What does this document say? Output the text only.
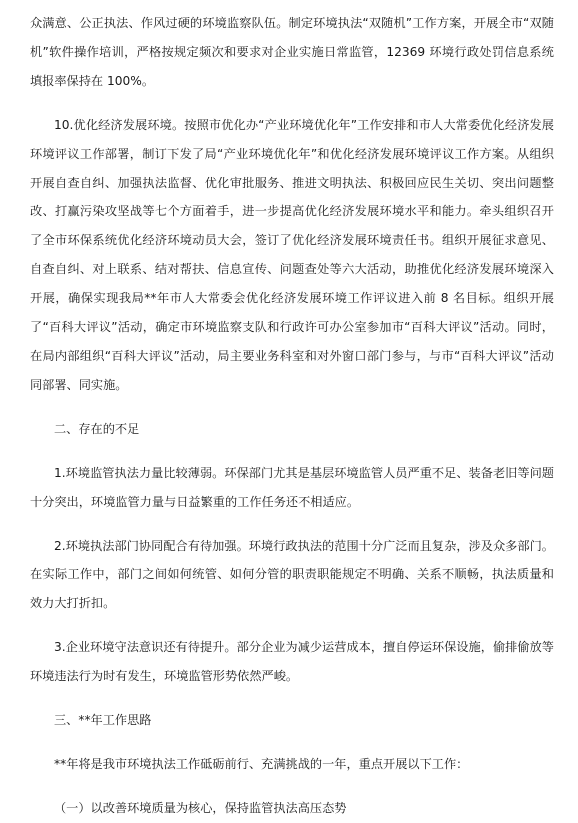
众满意、公正执法、作风过硬的环境监察队伍。制定环境执法“双随机”工作方案，开展全市“双随机”软件操作培训，严格按规定频次和要求对企业实施日常监管，12369 环境行政处罚信息系统填报率保持在 100%。

10.优化经济发展环境。按照市优化办“产业环境优化年”工作安排和市人大常委优化经济发展环境评议工作部署，制订下发了局“产业环境优化年”和优化经济发展环境评议工作方案。从组织开展自查自纠、加强执法监督、优化审批服务、推进文明执法、积极回应民生关切、突出问题整改、打赢污染攻坚战等七个方面着手，进一步提高优化经济发展环境水平和能力。牵头组织召开了全市环保系统优化经济环境动员大会，签订了优化经济发展环境责任书。组织开展征求意见、自查自纠、对上联系、结对帮扶、信息宣传、问题查处等六大活动，助推优化经济发展环境深入开展，确保实现我局**年市人大常委会优化经济发展环境工作评议进入前 8 名目标。组织开展了“百科大评议”活动，确定市环境监察支队和行政许可办公室参加市“百科大评议”活动。同时，在局内部组织“百科大评议”活动，局主要业务科室和对外窗口部门参与，与市“百科大评议”活动同部署、同实施。

二、存在的不足

1.环境监管执法力量比较薄弱。环保部门尤其是基层环境监管人员严重不足、装备老旧等问题十分突出，环境监管力量与日益繁重的工作任务还不相适应。

2.环境执法部门协同配合有待加强。环境行政执法的范围十分广泛而且复杂，涉及众多部门。在实际工作中，部门之间如何统管、如何分管的职责职能规定不明确、关系不顺畅，执法质量和效力大打折扣。

3.企业环境守法意识还有待提升。部分企业为减少运营成本，擅自停运环保设施，偷排偷放等环境违法行为时有发生，环境监管形势依然严峻。

三、**年工作思路

**年将是我市环境执法工作砥砺前行、充满挑战的一年，重点开展以下工作：

（一）以改善环境质量为核心，保持监管执法高压态势
